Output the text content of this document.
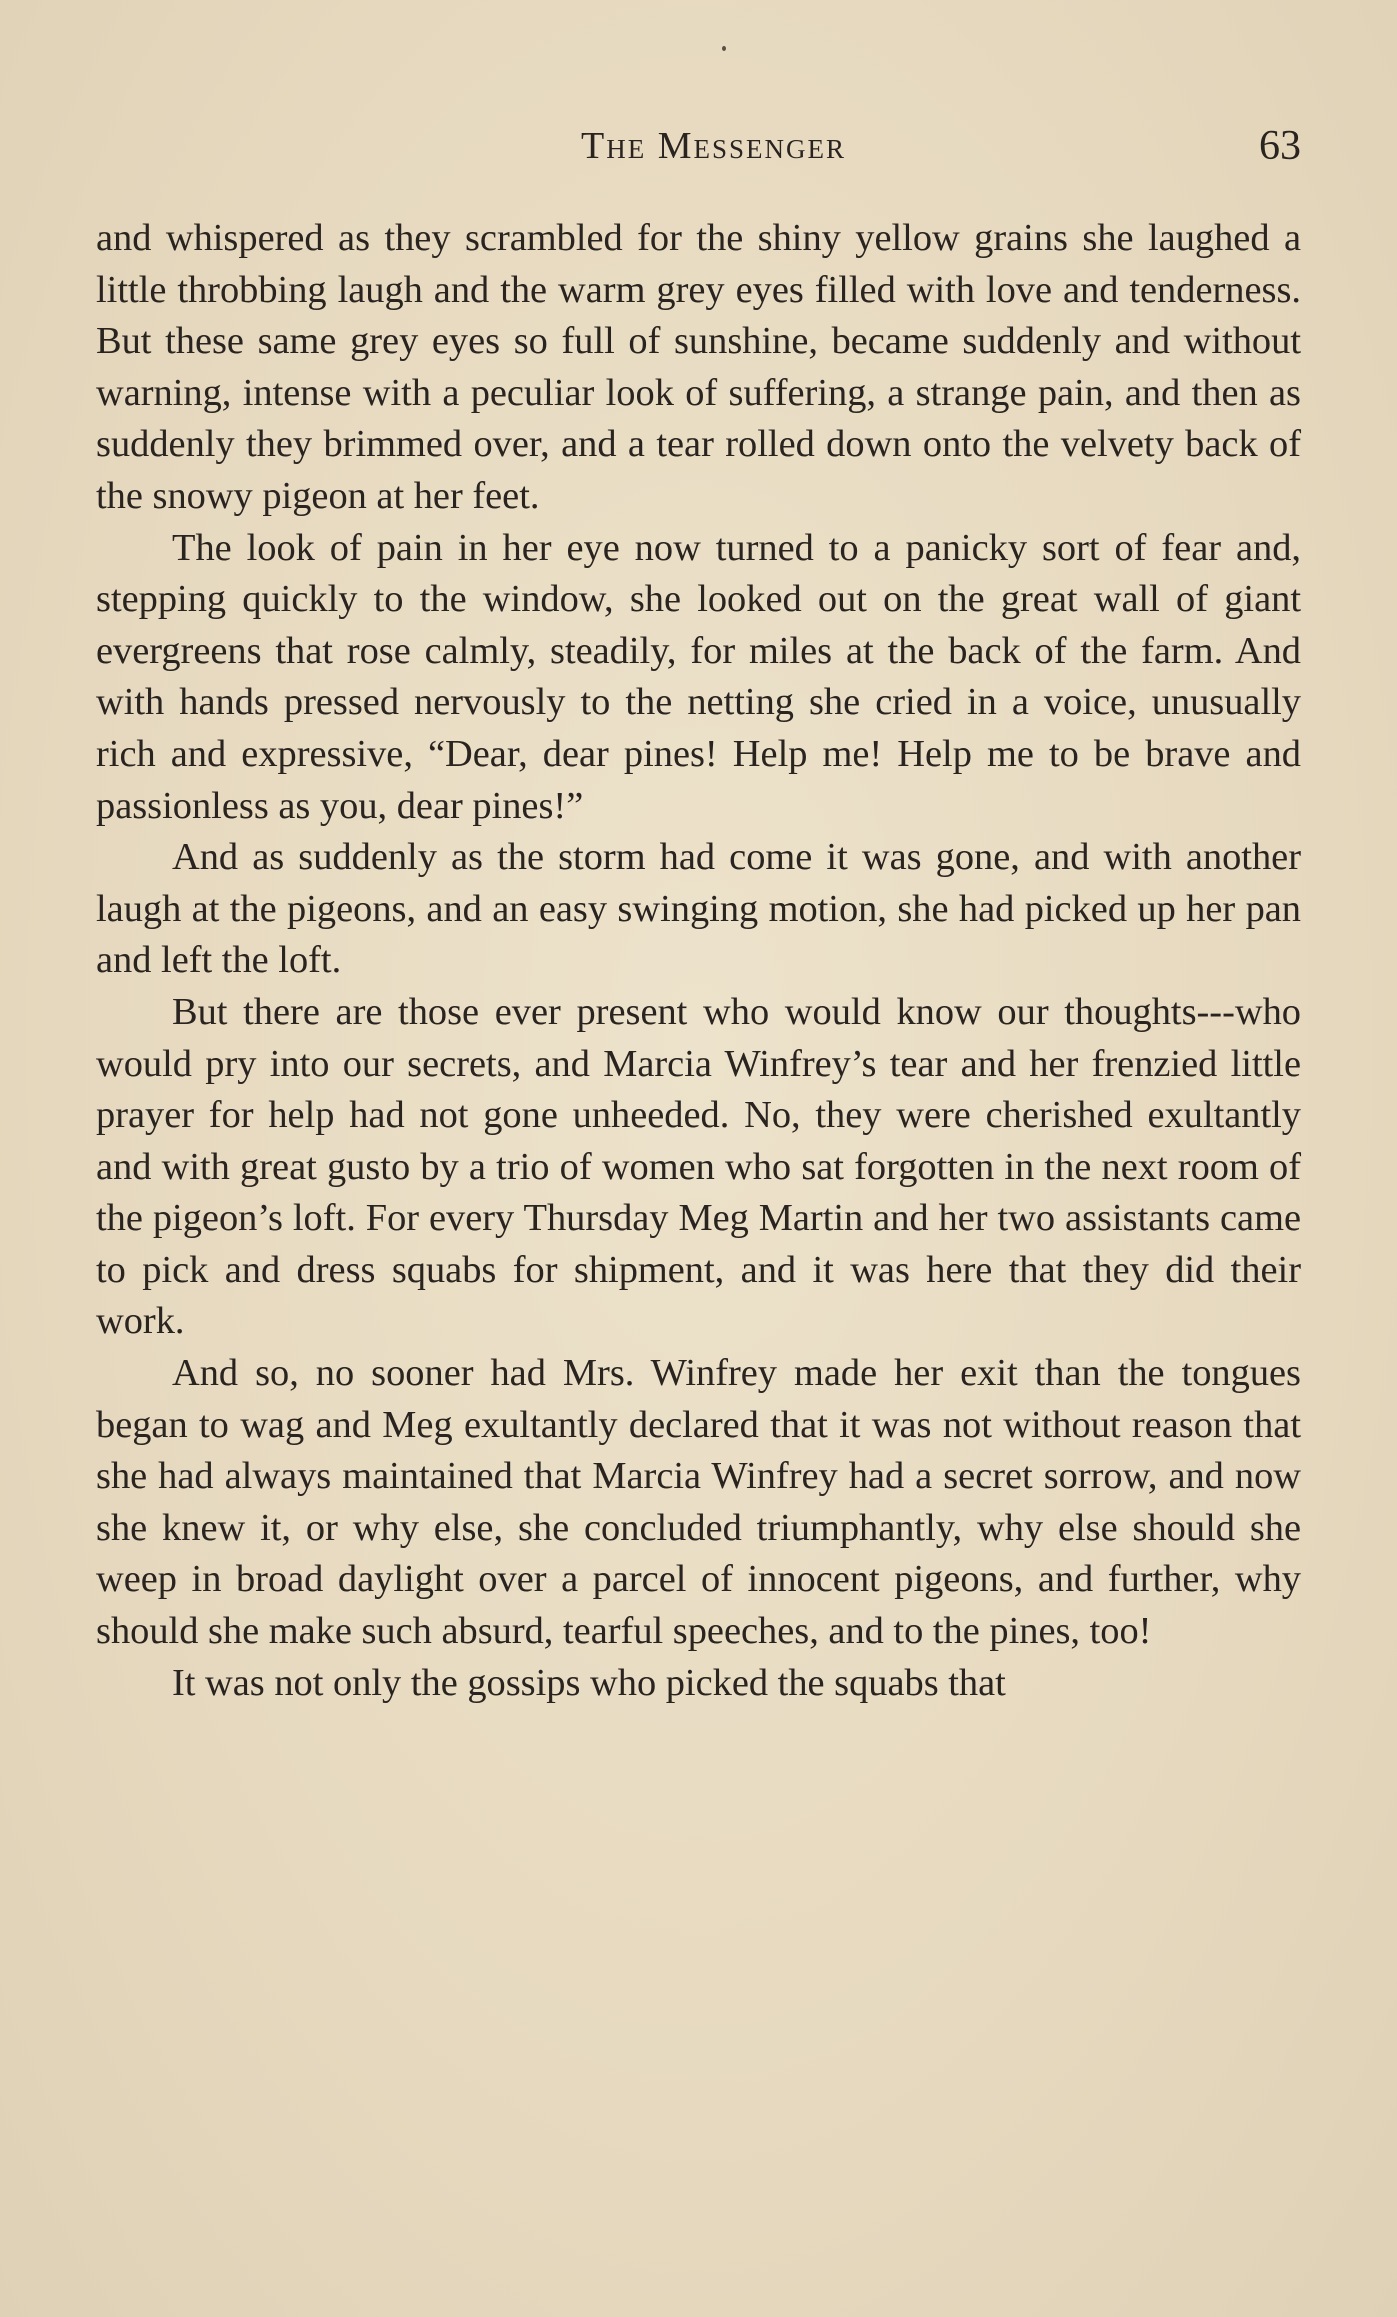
The Messenger	63

and whispered as they scrambled for the shiny yellow grains she laughed a little throbbing laugh and the warm grey eyes filled with love and tenderness. But these same grey eyes so full of sunshine, became suddenly and without warning, intense with a peculiar look of suffering, a strange pain, and then as suddenly they brimmed over, and a tear rolled down onto the velvety back of the snowy pigeon at her feet.

The look of pain in her eye now turned to a panicky sort of fear and, stepping quickly to the window, she looked out on the great wall of giant evergreens that rose calmly, steadily, for miles at the back of the farm. And with hands pressed nervously to the netting she cried in a voice, unusually rich and expressive, “Dear, dear pines! Help me! Help me to be brave and passionless as you, dear pines!”

And as suddenly as the storm had come it was gone, and with another laugh at the pigeons, and an easy swinging motion, she had picked up her pan and left the loft.

But there are those ever present who would know our thoughts---who would pry into our secrets, and Marcia Winfrey’s tear and her frenzied little prayer for help had not gone unheeded. No, they were cherished exultantly and with great gusto by a trio of women who sat forgotten in the next room of the pigeon’s loft. For every Thursday Meg Martin and her two assistants came to pick and dress squabs for shipment, and it was here that they did their work.

And so, no sooner had Mrs. Winfrey made her exit than the tongues began to wag and Meg exultantly declared that it was not without reason that she had always maintained that Marcia Winfrey had a secret sorrow, and now she knew it, or why else, she concluded triumphantly, why else should she weep in broad daylight over a parcel of innocent pigeons, and further, why should she make such absurd, tearful speeches, and to the pines, too!

It was not only the gossips who picked the squabs that
